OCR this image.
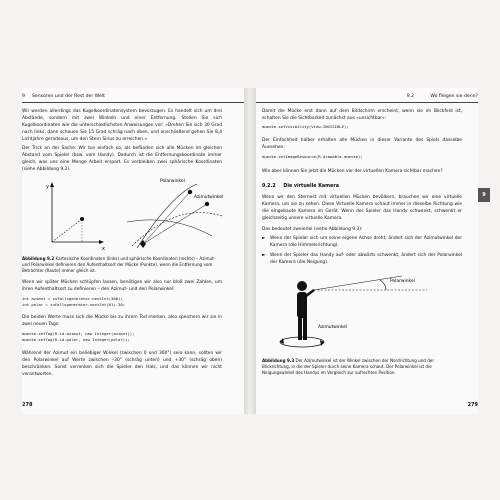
9 Sensoren und der Rest der Welt
Wir werden allerdings das Kugelkoordinatensystem bevorzugen. Es handelt sich um drei Abstände, sondern mit zwei Winkeln und einer Entfernung. Stellen Sie sich Kugelkoordinaten wie die unterschiedlichsten Anweisungen vor: »Drehen Sie sich 30 Grad nach links, dann schauen Sie 15 Grad schräg nach oben, und anschließend gehen Sie 8,4 Lichtjahre geradeaus, um den Stern Sirius zu erreichen.«
Der Trick an der Sache: Wir tun einfach so, als befänden sich alle Mücken im gleichen Abstand vom Spieler (bzw. vom Handy). Dadurch ist die Entfernungskoordinate immer gleich, was uns eine Menge Arbeit erspart. Es verbleiben zwei sphärische Koordinaten (siehe Abbildung 9.2).
y
x
Polarwinkel
Azimutwinkel
Abbildung 9.2 Kartesische Koordinaten (links) und sphärische Koordinaten (rechts) – Azimut- und Polarwinkel definieren den Aufenthaltsort der Mücke (Punkte), wenn die Entfernung vom Betrachter (Raute) immer gleich ist.
Wenn wir später Mücken schlüpfen lassen, benötigen wir also nur bloß zwei Zahlen, um ihren Aufenthaltsort zu definieren – den Azimut- und den Polarwinkel:
int azimut = zufallsgenerator.nextInt(360);
int polar = zufallsgenerator.nextInt(61)-30;
Die beiden Werte muss sich die Mücke bis zu ihrem Tod merken, also speichern wir sie in zwei neuen Tags:
muecke.setTag(R.id.azimut, new Integer(azimut));
muecke.setTag(R.id.polar, new Integer(polar));
Während der Azimut ein beliebiger Winkel (zwischen 0 und 360°) sein kann, sollten wir den Polarwinkel auf Werte zwischen –30° (schräg unten) und +30° (schräg oben) beschränken. Sonst verrenken sich die Spieler den Hals, und das können wir nicht verantworten.
278
9.2	Wo fliegen sie denn?
Damit die Mücke erst dann auf dem Bildschirm erscheint, wenn sie im Blickfeld ist, schalten Sie die Sichtbarkeit zunächst aus »unsichtbar«:
muecke.setVisibility(View.INVISIBLE);
Der Einfachheit halber erhalten alle Mücken in dieser Variante des Spiels dasselbe Aussehen:
muecke.setImageResource(R.drawable.muecke);
Wie aber können Sie jetzt die Mücken vor der virtuellen Kamera sichtbar machen?
9.2.2 Die virtuelle Kamera
Wenn wir den Sternest mit virtuellen Mücken bevölkern, brauchen wir eine virtuelle Kamera, um sie zu sehen. Diese Virtuelle Kamera schaut immer in dieselbe Richtung wie die eingebaute Kamera im Gerät. Wenn der Spieler das Handy schwenkt, schwenkt er gleichzeitig unsere virtuelle Kamera.
Das bedeutet zweierlei (siehe Abbildung 9.3):
► Wenn der Spieler sich um seine eigene Achse dreht, ändert sich der Azimutwinkel der Kamera (die Himmelsrichtung).
► Wenn der Spieler das Handy auf- oder abwärts schwenkt, ändert sich der Polarwinkel der Kamera (die Neigung).
Polarwinkel
Azimutwinkel
Abbildung 9.3 Der Azimutwinkel ist der Winkel zwischen der Nordrichtung und der Blickrichtung, in die der Spieler durch seine Kamera schaut. Der Polarwinkel ist die Neigungswinkel des Handys im Vergleich zur aufrechten Position.
279
9
